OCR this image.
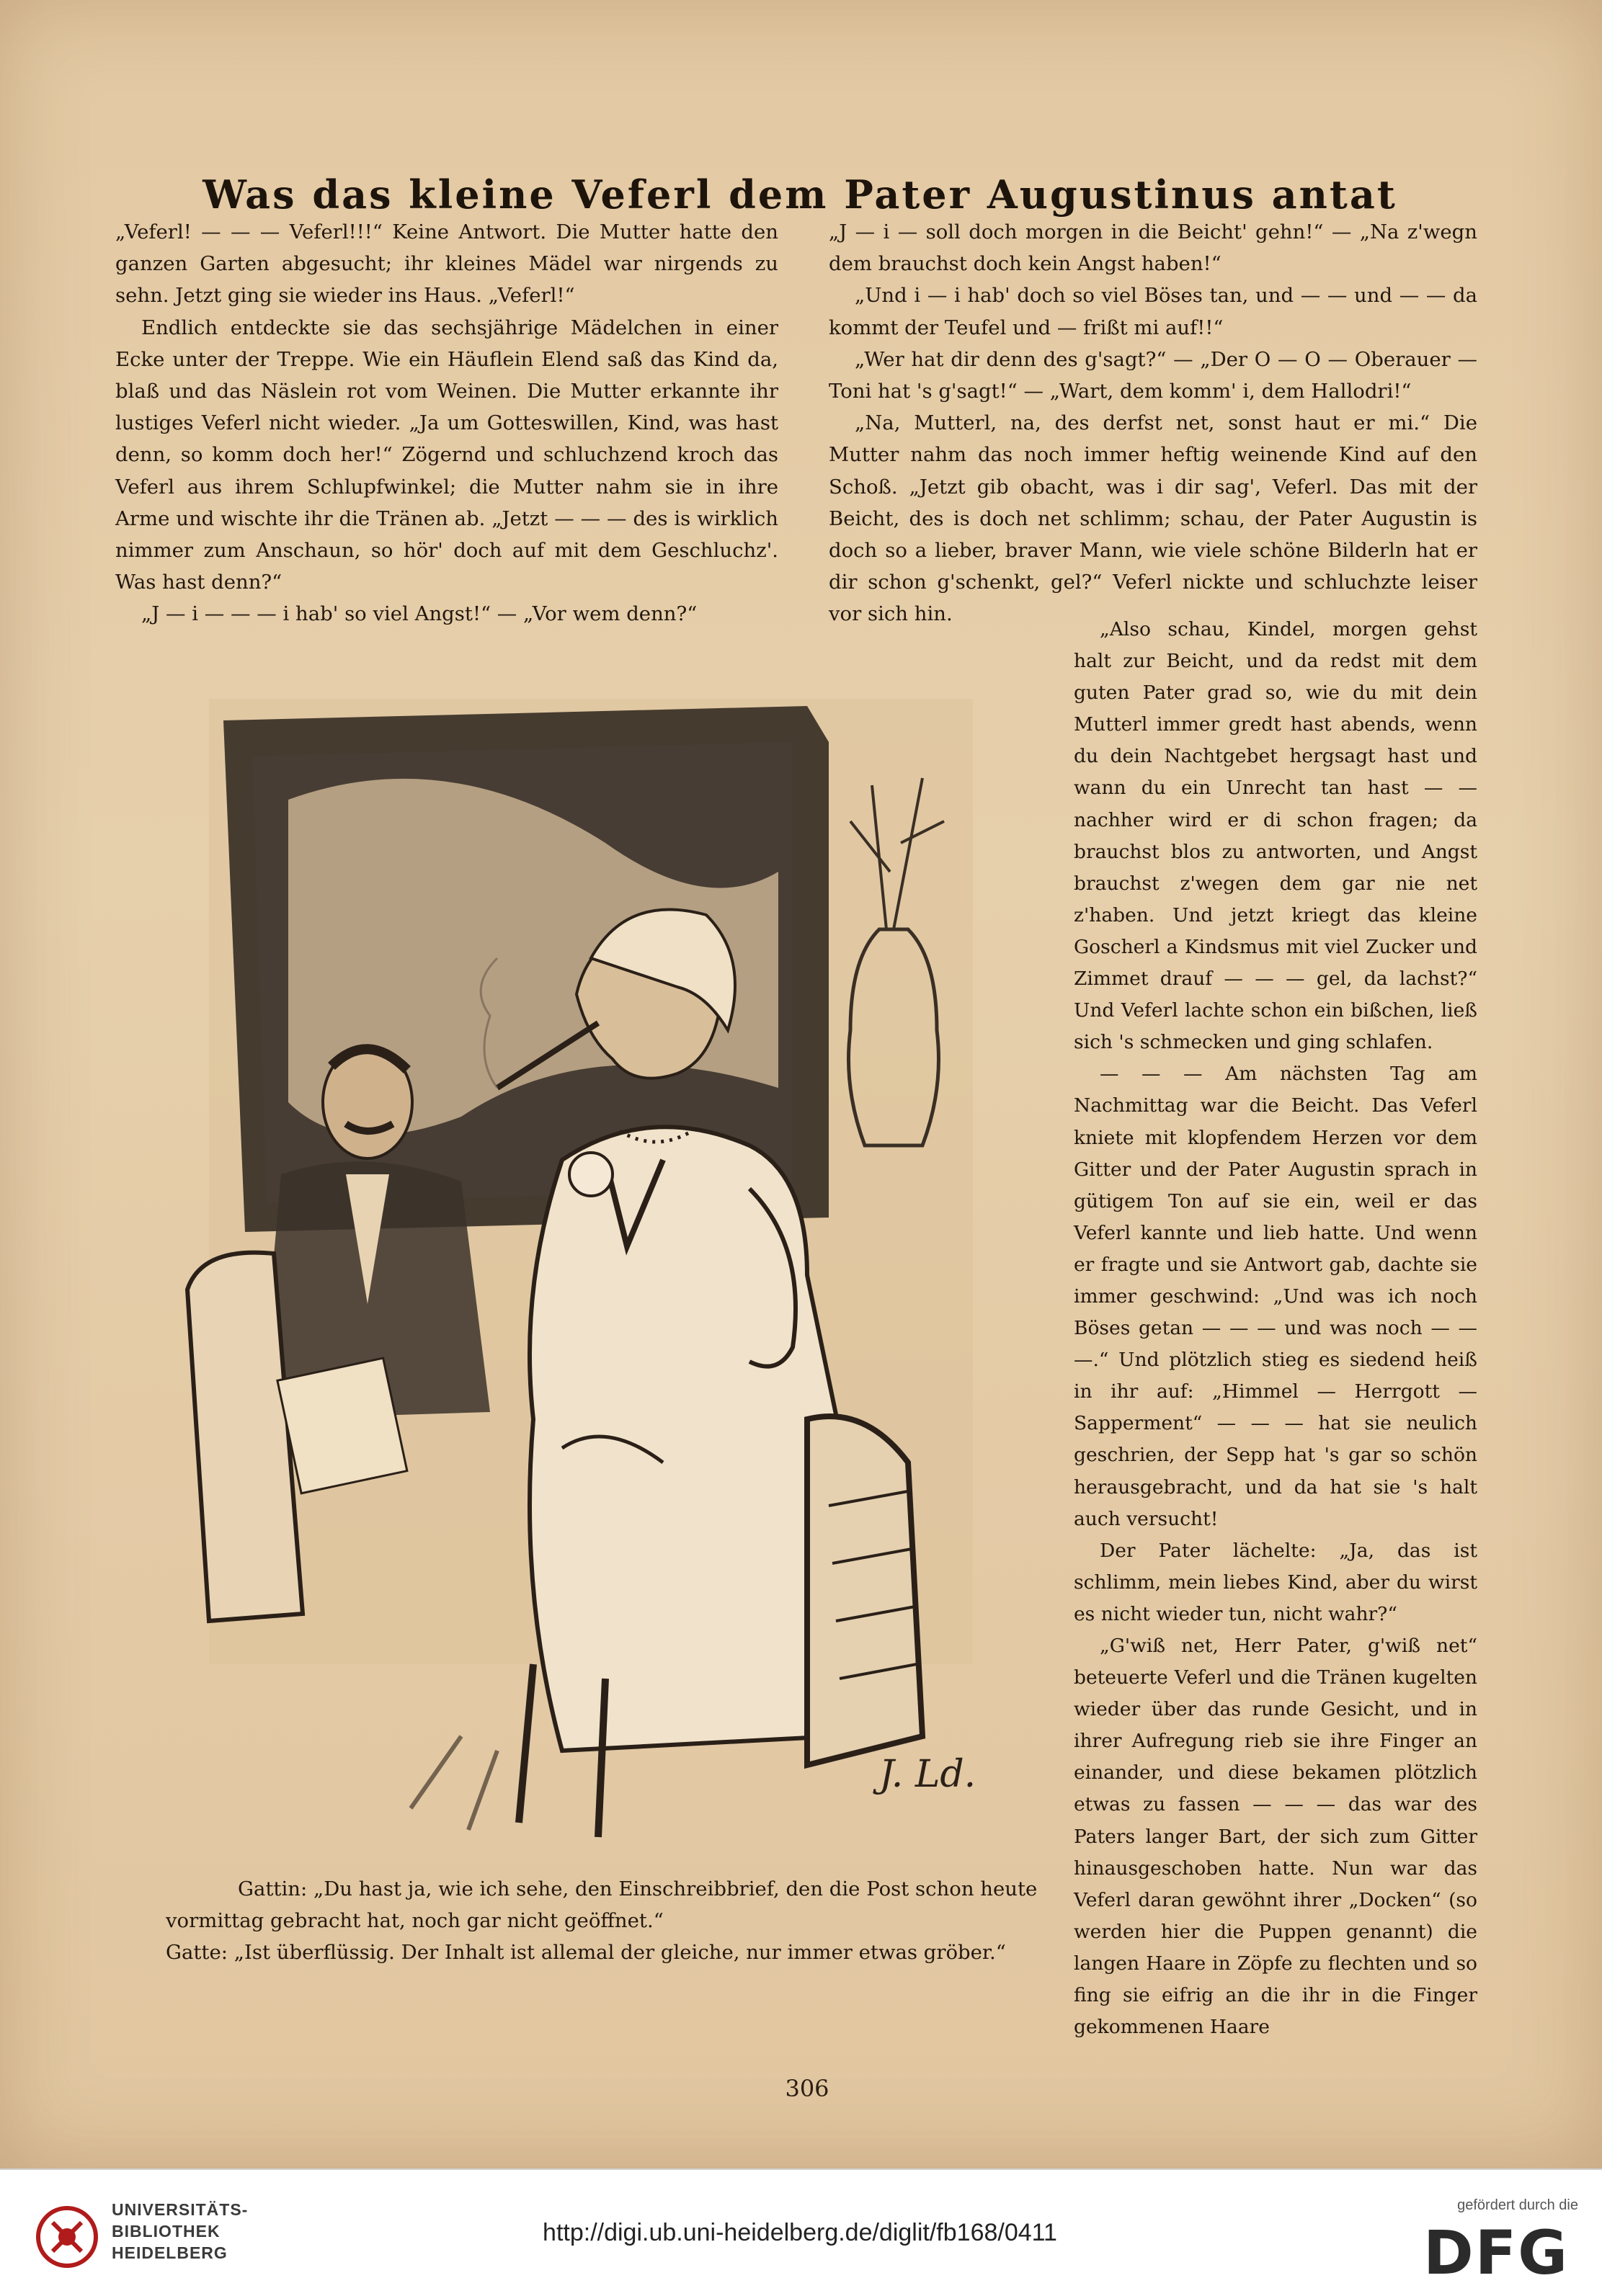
Was das kleine Veferl dem Pater Augustinus antat

„Veferl! — — — Veferl!!!“ Keine Antwort. Die Mutter hatte den ganzen Garten abgesucht; ihr kleines Mädel war nirgends zu sehn. Jetzt ging sie wieder ins Haus. „Veferl!“

Endlich entdeckte sie das sechsjährige Mädelchen in einer Ecke unter der Treppe. Wie ein Häuflein Elend saß das Kind da, blaß und das Näslein rot vom Weinen. Die Mutter erkannte ihr lustiges Veferl nicht wieder. „Ja um Gotteswillen, Kind, was hast denn, so komm doch her!“ Zögernd und schluchzend kroch das Veferl aus ihrem Schlupfwinkel; die Mutter nahm sie in ihre Arme und wischte ihr die Tränen ab. „Jetzt — — — des is wirklich nimmer zum Anschaun, so hör' doch auf mit dem Geschluchz'. Was hast denn?“

„J — i — — — i hab' so viel Angst!“ — „Vor wem denn?“

„J — i — soll doch morgen in die Beicht' gehn!“ — „Na z'wegn dem brauchst doch kein Angst haben!“

„Und i — i hab' doch so viel Böses tan, und — — und — — da kommt der Teufel und — frißt mi auf!!“

„Wer hat dir denn des g'sagt?“ — „Der O — O — Oberauer — Toni hat 's g'sagt!“ — „Wart, dem komm' i, dem Hallodri!“

„Na, Mutterl, na, des derfst net, sonst haut er mi.“ Die Mutter nahm das noch immer heftig weinende Kind auf den Schoß. „Jetzt gib obacht, was i dir sag', Veferl. Das mit der Beicht, des is doch net schlimm; schau, der Pater Augustin is doch so a lieber, braver Mann, wie viele schöne Bilderln hat er dir schon g'schenkt, gel?“ Veferl nickte und schluchzte leiser vor sich hin.

„Also schau, Kindel, morgen gehst halt zur Beicht, und da redst mit dem guten Pater grad so, wie du mit dein Mutterl immer gredt hast abends, wenn du dein Nachtgebet hergsagt hast und wann du ein Unrecht tan hast — — nachher wird er di schon fragen; da brauchst blos zu antworten, und Angst brauchst z'wegen dem gar nie net z'haben. Und jetzt kriegt das kleine Goscherl a Kindsmus mit viel Zucker und Zimmet drauf — — — gel, da lachst?“ Und Veferl lachte schon ein bißchen, ließ sich 's schmecken und ging schlafen.

— — — Am nächsten Tag am Nachmittag war die Beicht. Das Veferl kniete mit klopfendem Herzen vor dem Gitter und der Pater Augustin sprach in gütigem Ton auf sie ein, weil er das Veferl kannte und lieb hatte. Und wenn er fragte und sie Antwort gab, dachte sie immer geschwind: „Und was ich noch Böses getan — — — und was noch — — —.“ Und plötzlich stieg es siedend heiß in ihr auf: „Himmel — Herrgott — Sapperment“ — — — hat sie neulich geschrien, der Sepp hat 's gar so schön herausgebracht, und da hat sie 's halt auch versucht!

Der Pater lächelte: „Ja, das ist schlimm, mein liebes Kind, aber du wirst es nicht wieder tun, nicht wahr?“

„G'wiß net, Herr Pater, g'wiß net“ beteuerte Veferl und die Tränen kugelten wieder über das runde Gesicht, und in ihrer Aufregung rieb sie ihre Finger an einander, und diese bekamen plötzlich etwas zu fassen — — — das war des Paters langer Bart, der sich zum Gitter hinausgeschoben hatte. Nun war das Veferl daran gewöhnt ihrer „Docken“ (so werden hier die Puppen genannt) die langen Haare in Zöpfe zu flechten und so fing sie eifrig an die ihr in die Finger gekommenen Haare

J. Ld.

Gattin: „Du hast ja, wie ich sehe, den Einschreibbrief, den die Post schon heute vormittag gebracht hat, noch gar nicht geöffnet.“

Gatte: „Ist überflüssig. Der Inhalt ist allemal der gleiche, nur immer etwas gröber.“

306
UNIVERSITÄTS-
BIBLIOTHEK
HEIDELBERG
http://digi.ub.uni-heidelberg.de/diglit/fb168/0411
gefördert durch die
DFG
